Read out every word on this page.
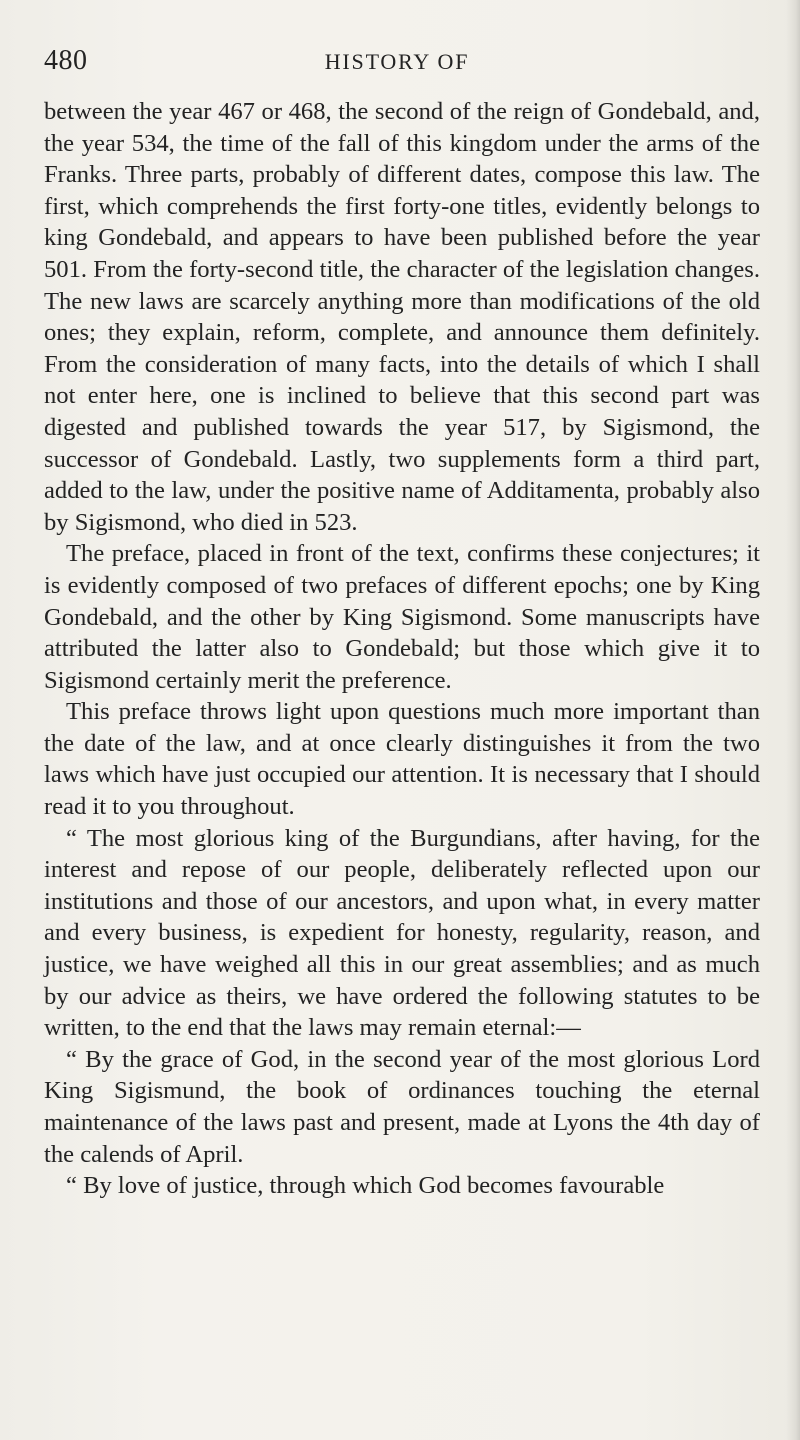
480	HISTORY OF

between the year 467 or 468, the second of the reign of Gondebald, and, the year 534, the time of the fall of this kingdom under the arms of the Franks. Three parts, probably of different dates, compose this law. The first, which comprehends the first forty-one titles, evidently belongs to king Gondebald, and appears to have been published before the year 501. From the forty-second title, the character of the legislation changes. The new laws are scarcely anything more than modifications of the old ones; they explain, reform, complete, and announce them definitely. From the consideration of many facts, into the details of which I shall not enter here, one is inclined to believe that this second part was digested and published towards the year 517, by Sigismond, the successor of Gondebald. Lastly, two supplements form a third part, added to the law, under the positive name of Additamenta, probably also by Sigismond, who died in 523.

The preface, placed in front of the text, confirms these conjectures; it is evidently composed of two prefaces of different epochs; one by King Gondebald, and the other by King Sigismond. Some manuscripts have attributed the latter also to Gondebald; but those which give it to Sigismond certainly merit the preference.

This preface throws light upon questions much more important than the date of the law, and at once clearly distinguishes it from the two laws which have just occupied our attention. It is necessary that I should read it to you throughout.

“ The most glorious king of the Burgundians, after having, for the interest and repose of our people, deliberately reflected upon our institutions and those of our ancestors, and upon what, in every matter and every business, is expedient for honesty, regularity, reason, and justice, we have weighed all this in our great assemblies; and as much by our advice as theirs, we have ordered the following statutes to be written, to the end that the laws may remain eternal:—

“ By the grace of God, in the second year of the most glorious Lord King Sigismund, the book of ordinances touching the eternal maintenance of the laws past and present, made at Lyons the 4th day of the calends of April.

“ By love of justice, through which God becomes favourable
